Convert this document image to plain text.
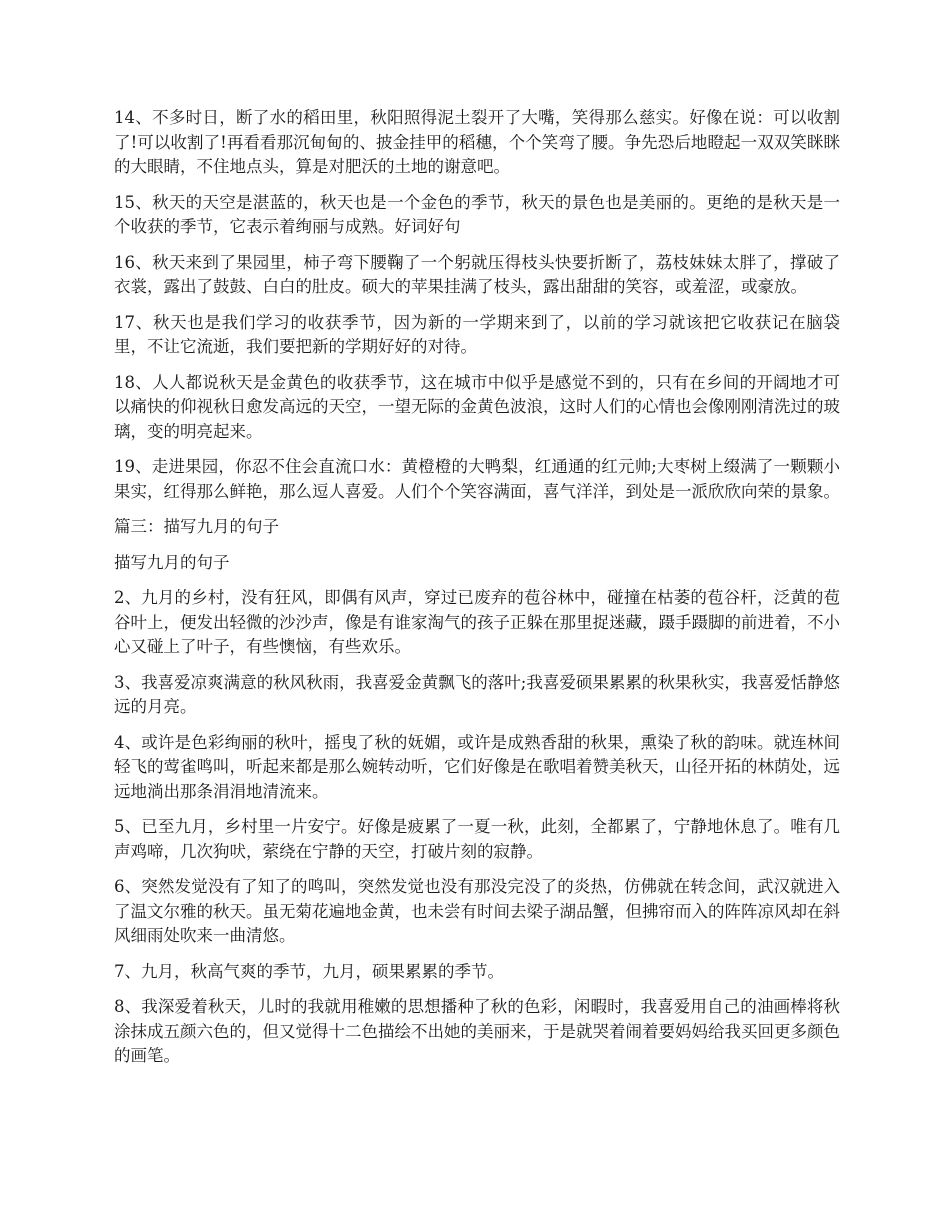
14、不多时日，断了水的稻田里，秋阳照得泥土裂开了大嘴，笑得那么慈实。好像在说：可以收割了!可以收割了!再看看那沉甸甸的、披金挂甲的稻穗，个个笑弯了腰。争先恐后地瞪起一双双笑眯眯的大眼睛，不住地点头，算是对肥沃的土地的谢意吧。

15、秋天的天空是湛蓝的，秋天也是一个金色的季节，秋天的景色也是美丽的。更绝的是秋天是一个收获的季节，它表示着绚丽与成熟。好词好句

16、秋天来到了果园里，柿子弯下腰鞠了一个躬就压得枝头快要折断了，荔枝妹妹太胖了，撑破了衣裳，露出了鼓鼓、白白的肚皮。硕大的苹果挂满了枝头，露出甜甜的笑容，或羞涩，或豪放。

17、秋天也是我们学习的收获季节，因为新的一学期来到了，以前的学习就该把它收获记在脑袋里，不让它流逝，我们要把新的学期好好的对待。

18、人人都说秋天是金黄色的收获季节，这在城市中似乎是感觉不到的，只有在乡间的开阔地才可以痛快的仰视秋日愈发高远的天空，一望无际的金黄色波浪，这时人们的心情也会像刚刚清洗过的玻璃，变的明亮起来。

19、走进果园，你忍不住会直流口水：黄橙橙的大鸭梨，红通通的红元帅;大枣树上缀满了一颗颗小果实，红得那么鲜艳，那么逗人喜爱。人们个个笑容满面，喜气洋洋，到处是一派欣欣向荣的景象。

篇三：描写九月的句子

描写九月的句子

2、九月的乡村，没有狂风，即偶有风声，穿过已废弃的苞谷林中，碰撞在枯萎的苞谷杆，泛黄的苞谷叶上，便发出轻微的沙沙声，像是有谁家淘气的孩子正躲在那里捉迷藏，蹑手蹑脚的前进着，不小心又碰上了叶子，有些懊恼，有些欢乐。

3、我喜爱凉爽满意的秋风秋雨，我喜爱金黄飘飞的落叶;我喜爱硕果累累的秋果秋实，我喜爱恬静悠远的月亮。

4、或许是色彩绚丽的秋叶，摇曳了秋的妩媚，或许是成熟香甜的秋果，熏染了秋的韵味。就连林间轻飞的莺雀鸣叫，听起来都是那么婉转动听，它们好像是在歌唱着赞美秋天，山径开拓的林荫处，远远地淌出那条涓涓地清流来。

5、已至九月，乡村里一片安宁。好像是疲累了一夏一秋，此刻，全都累了，宁静地休息了。唯有几声鸡啼，几次狗吠，萦绕在宁静的天空，打破片刻的寂静。

6、突然发觉没有了知了的鸣叫，突然发觉也没有那没完没了的炎热，仿佛就在转念间，武汉就进入了温文尔雅的秋天。虽无菊花遍地金黄，也未尝有时间去梁子湖品蟹，但拂帘而入的阵阵凉风却在斜风细雨处吹来一曲清悠。

7、九月，秋高气爽的季节，九月，硕果累累的季节。

8、我深爱着秋天，儿时的我就用稚嫩的思想播种了秋的色彩，闲暇时，我喜爱用自己的油画棒将秋涂抹成五颜六色的，但又觉得十二色描绘不出她的美丽来，于是就哭着闹着要妈妈给我买回更多颜色的画笔。
